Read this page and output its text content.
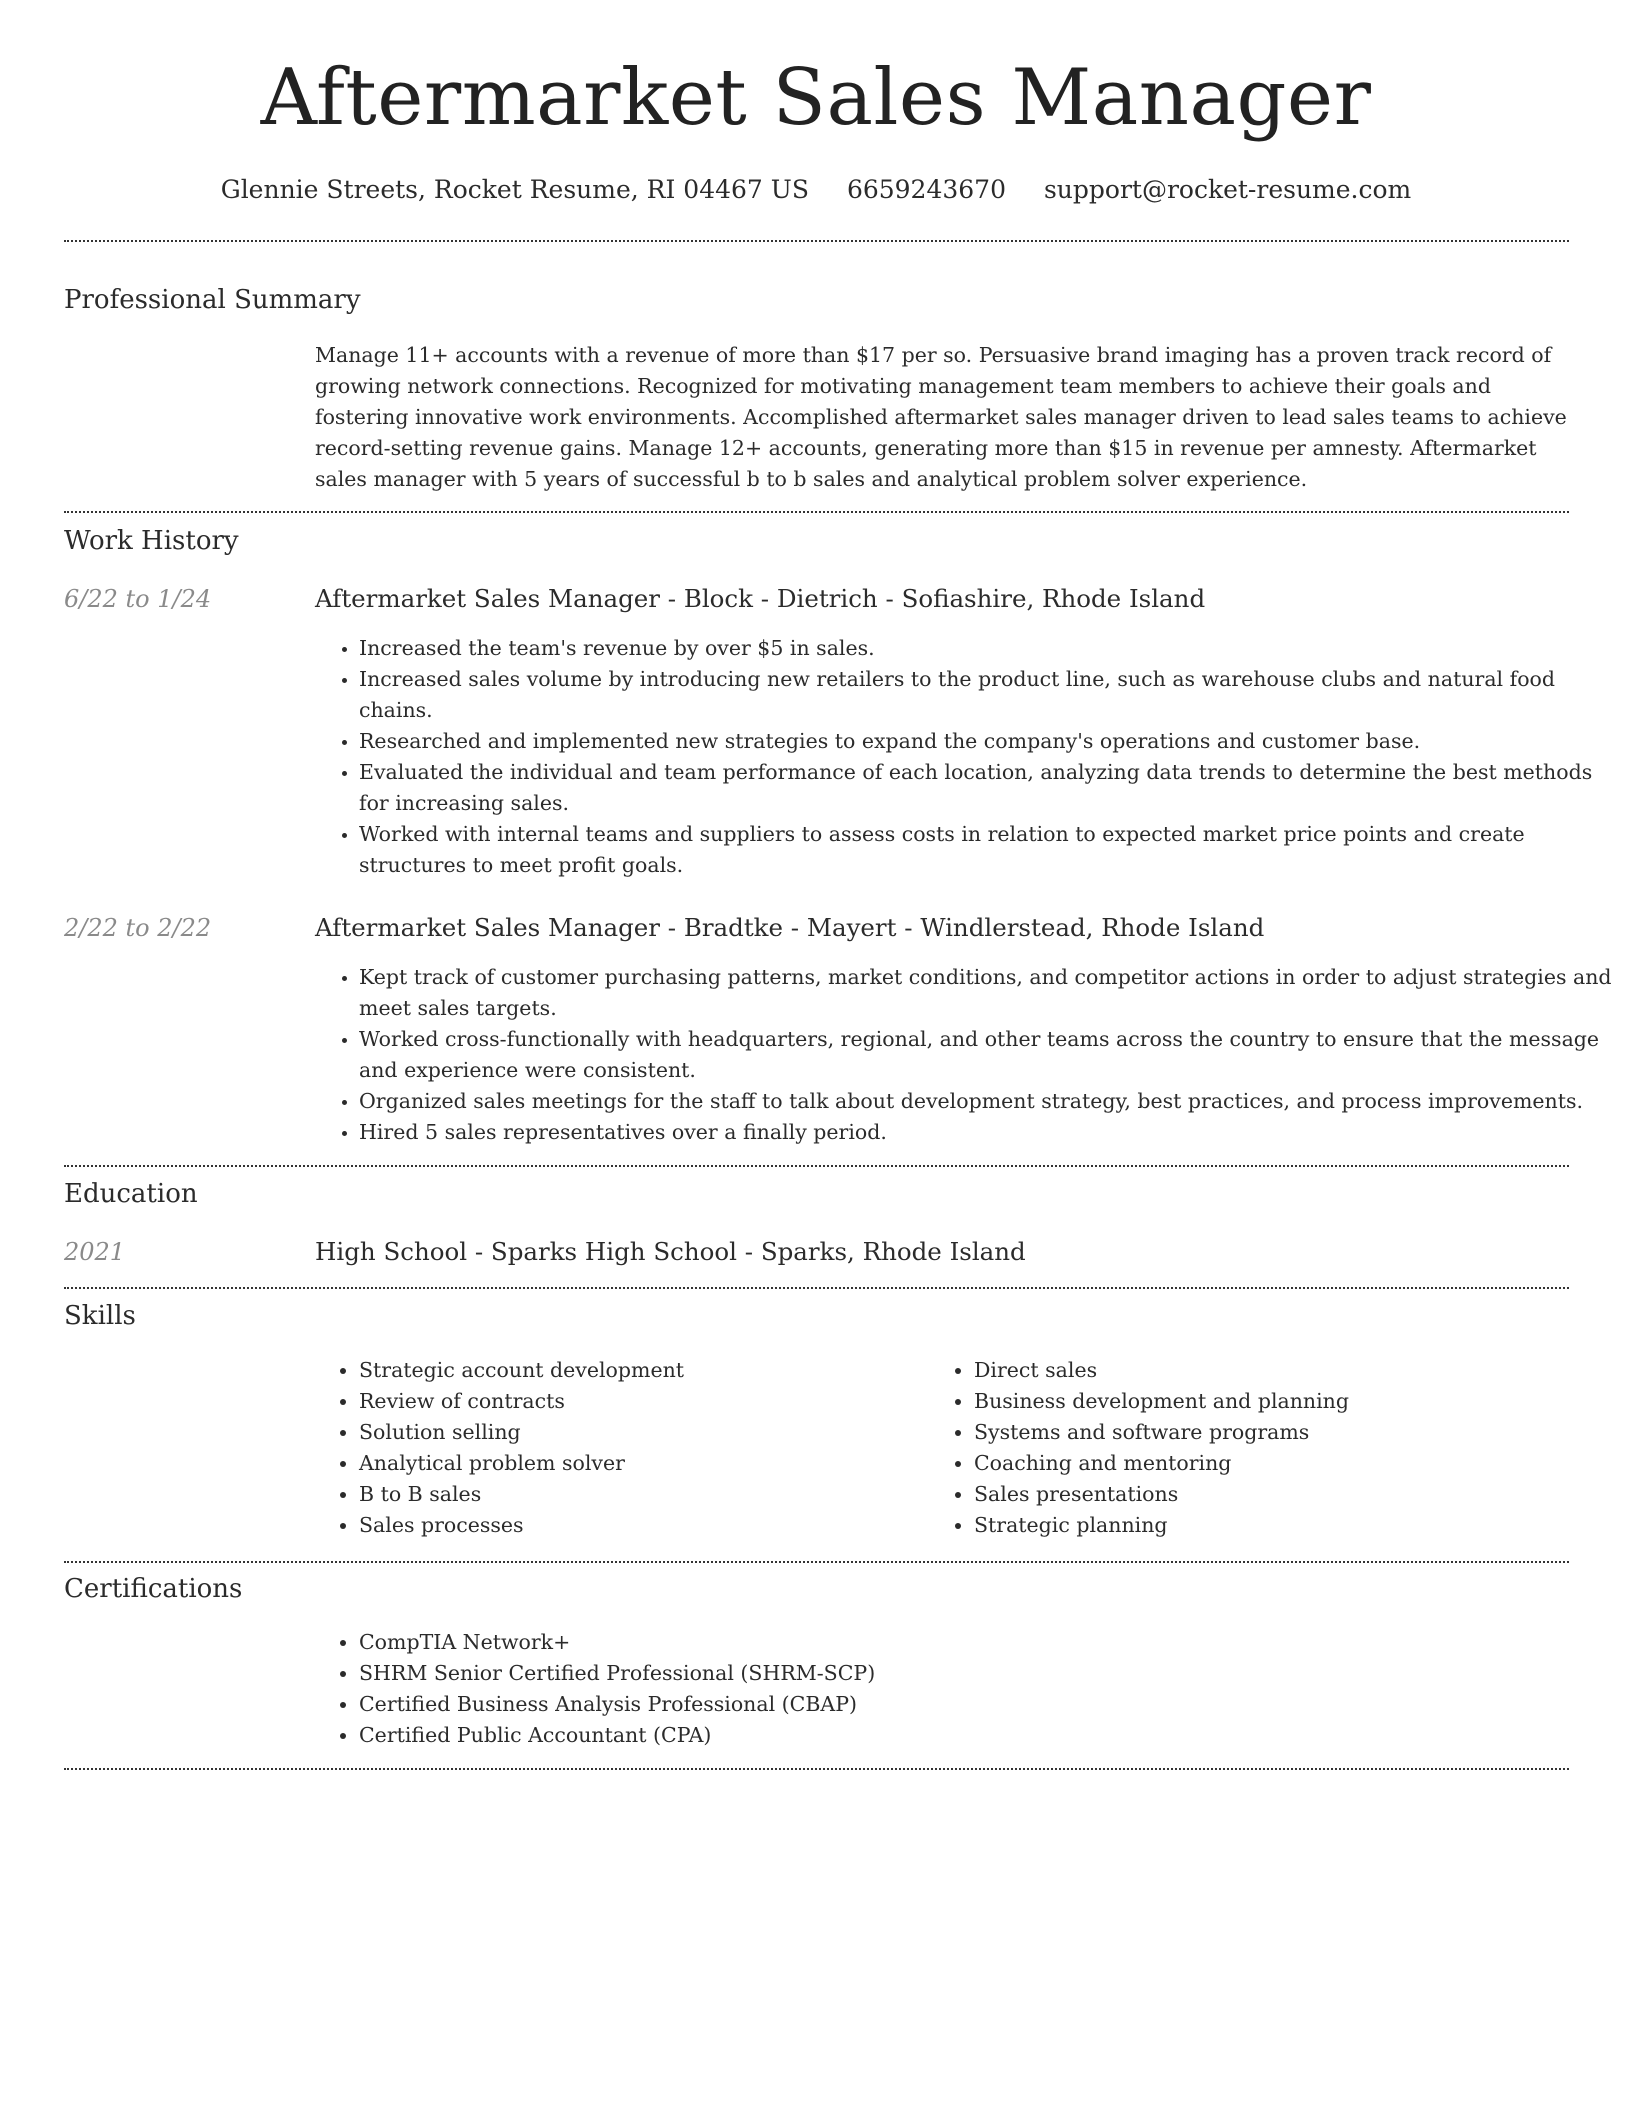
Aftermarket Sales Manager
Glennie Streets, Rocket Resume, RI 04467 US 6659243670 support@rocket-resume.com
Professional Summary

Manage 11+ accounts with a revenue of more than $17 per so. Persuasive brand imaging has a proven track record of growing network connections. Recognized for motivating management team members to achieve their goals and fostering innovative work environments. Accomplished aftermarket sales manager driven to lead sales teams to achieve record-setting revenue gains. Manage 12+ accounts, generating more than $15 in revenue per amnesty. Aftermarket sales manager with 5 years of successful b to b sales and analytical problem solver experience.

Work History
6/22 to 1/24	Aftermarket Sales Manager - Block - Dietrich - Sofiashire, Rhode Island
• Increased the team's revenue by over $5 in sales.
• Increased sales volume by introducing new retailers to the product line, such as warehouse clubs and natural food chains.
• Researched and implemented new strategies to expand the company's operations and customer base.
• Evaluated the individual and team performance of each location, analyzing data trends to determine the best methods for increasing sales.
• Worked with internal teams and suppliers to assess costs in relation to expected market price points and create structures to meet profit goals.
2/22 to 2/22	Aftermarket Sales Manager - Bradtke - Mayert - Windlerstead, Rhode Island
• Kept track of customer purchasing patterns, market conditions, and competitor actions in order to adjust strategies and meet sales targets.
• Worked cross-functionally with headquarters, regional, and other teams across the country to ensure that the message and experience were consistent.
• Organized sales meetings for the staff to talk about development strategy, best practices, and process improvements.
• Hired 5 sales representatives over a finally period.
Education
2021	High School - Sparks High School - Sparks, Rhode Island
Skills
• Strategic account development
• Review of contracts
• Solution selling
• Analytical problem solver
• B to B sales
• Sales processes
• Direct sales
• Business development and planning
• Systems and software programs
• Coaching and mentoring
• Sales presentations
• Strategic planning
Certifications
• CompTIA Network+
• SHRM Senior Certified Professional (SHRM-SCP)
• Certified Business Analysis Professional (CBAP)
• Certified Public Accountant (CPA)
